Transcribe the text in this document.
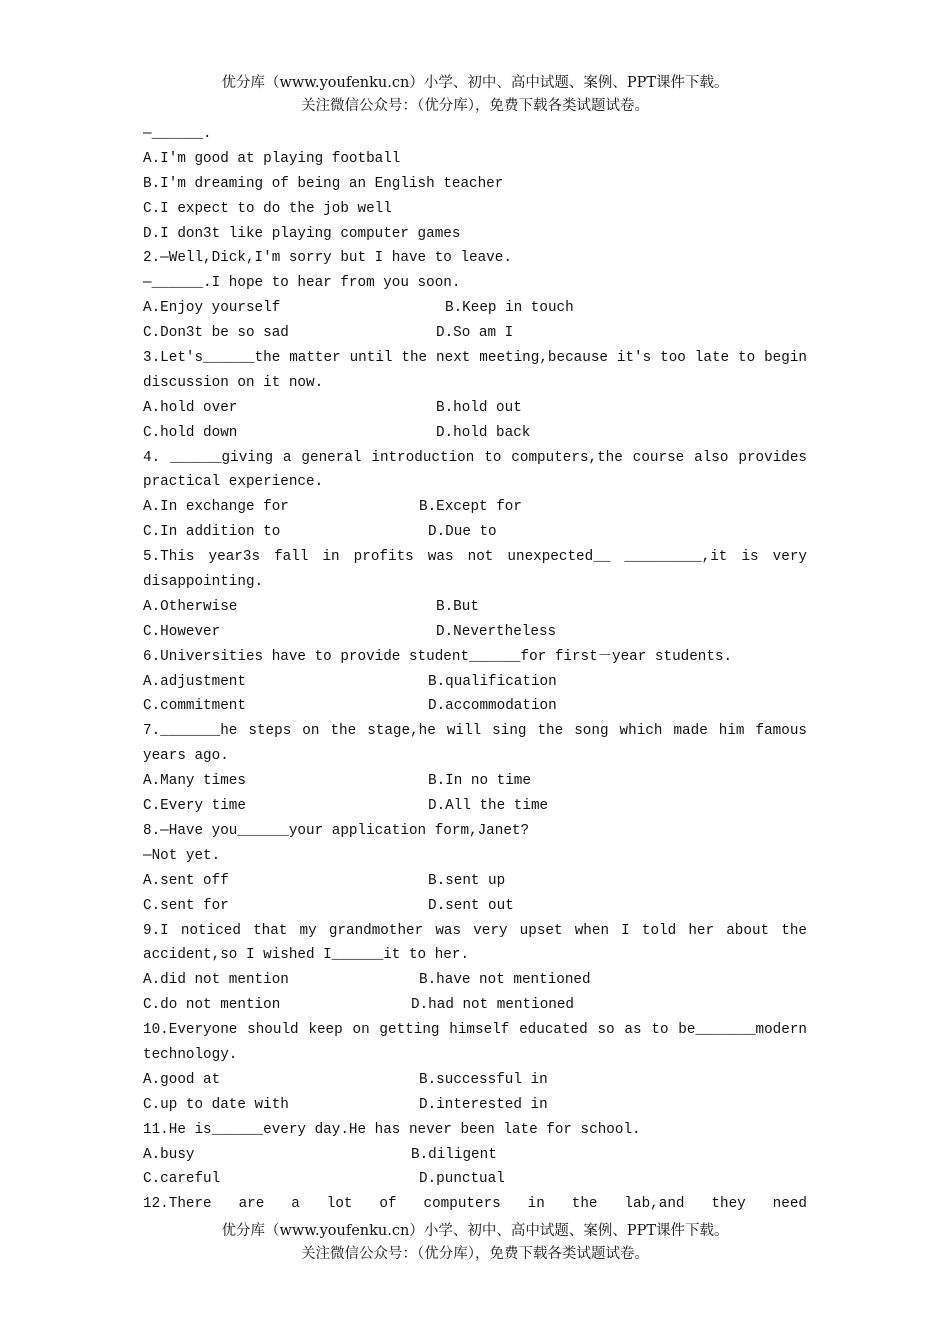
优分库（www.youfenku.cn）小学、初中、高中试题、案例、PPT课件下载。
关注微信公众号：（优分库），免费下载各类试题试卷。
—______.
A.I'm good at playing football
B.I'm dreaming of being an English teacher
C.I expect to do the job well
D.I don3t like playing computer games
2.—Well,Dick,I'm sorry but I have to leave.
—______.I hope to hear from you soon.
A.Enjoy yourself	B.Keep in touch
C.Don3t be so sad	D.So am I
3.Let's______the matter until the next meeting,because it's too late to begin
discussion on it now.
A.hold over	B.hold out
C.hold down	D.hold back
4. ______giving a general introduction to computers,the course also provides
practical experience.
A.In exchange for	B.Except for
C.In addition to	D.Due to
5.This year3s fall in profits was not unexpected__ _________,it is very
disappointing.
A.Otherwise	B.But
C.However	D.Nevertheless
6.Universities have to provide student______for first－year students.
A.adjustment	B.qualification
C.commitment	D.accommodation
7._______he steps on the stage,he will sing the song which made him famous
years ago.
A.Many times	B.In no time
C.Every time	D.All the time
8.—Have you______your application form,Janet?
—Not yet.
A.sent off	B.sent up
C.sent for	D.sent out
9.I noticed that my grandmother was very upset when I told her about the
accident,so I wished I______it to her.
A.did not mention	B.have not mentioned
C.do not mention	D.had not mentioned
10.Everyone should keep on getting himself educated so as to be_______modern
technology.
A.good at	B.successful in
C.up to date with	D.interested in
11.He is______every day.He has never been late for school.
A.busy	B.diligent
C.careful	D.punctual
12.There are a lot of computers in the lab,and they need
优分库（www.youfenku.cn）小学、初中、高中试题、案例、PPT课件下载。
关注微信公众号：（优分库），免费下载各类试题试卷。
